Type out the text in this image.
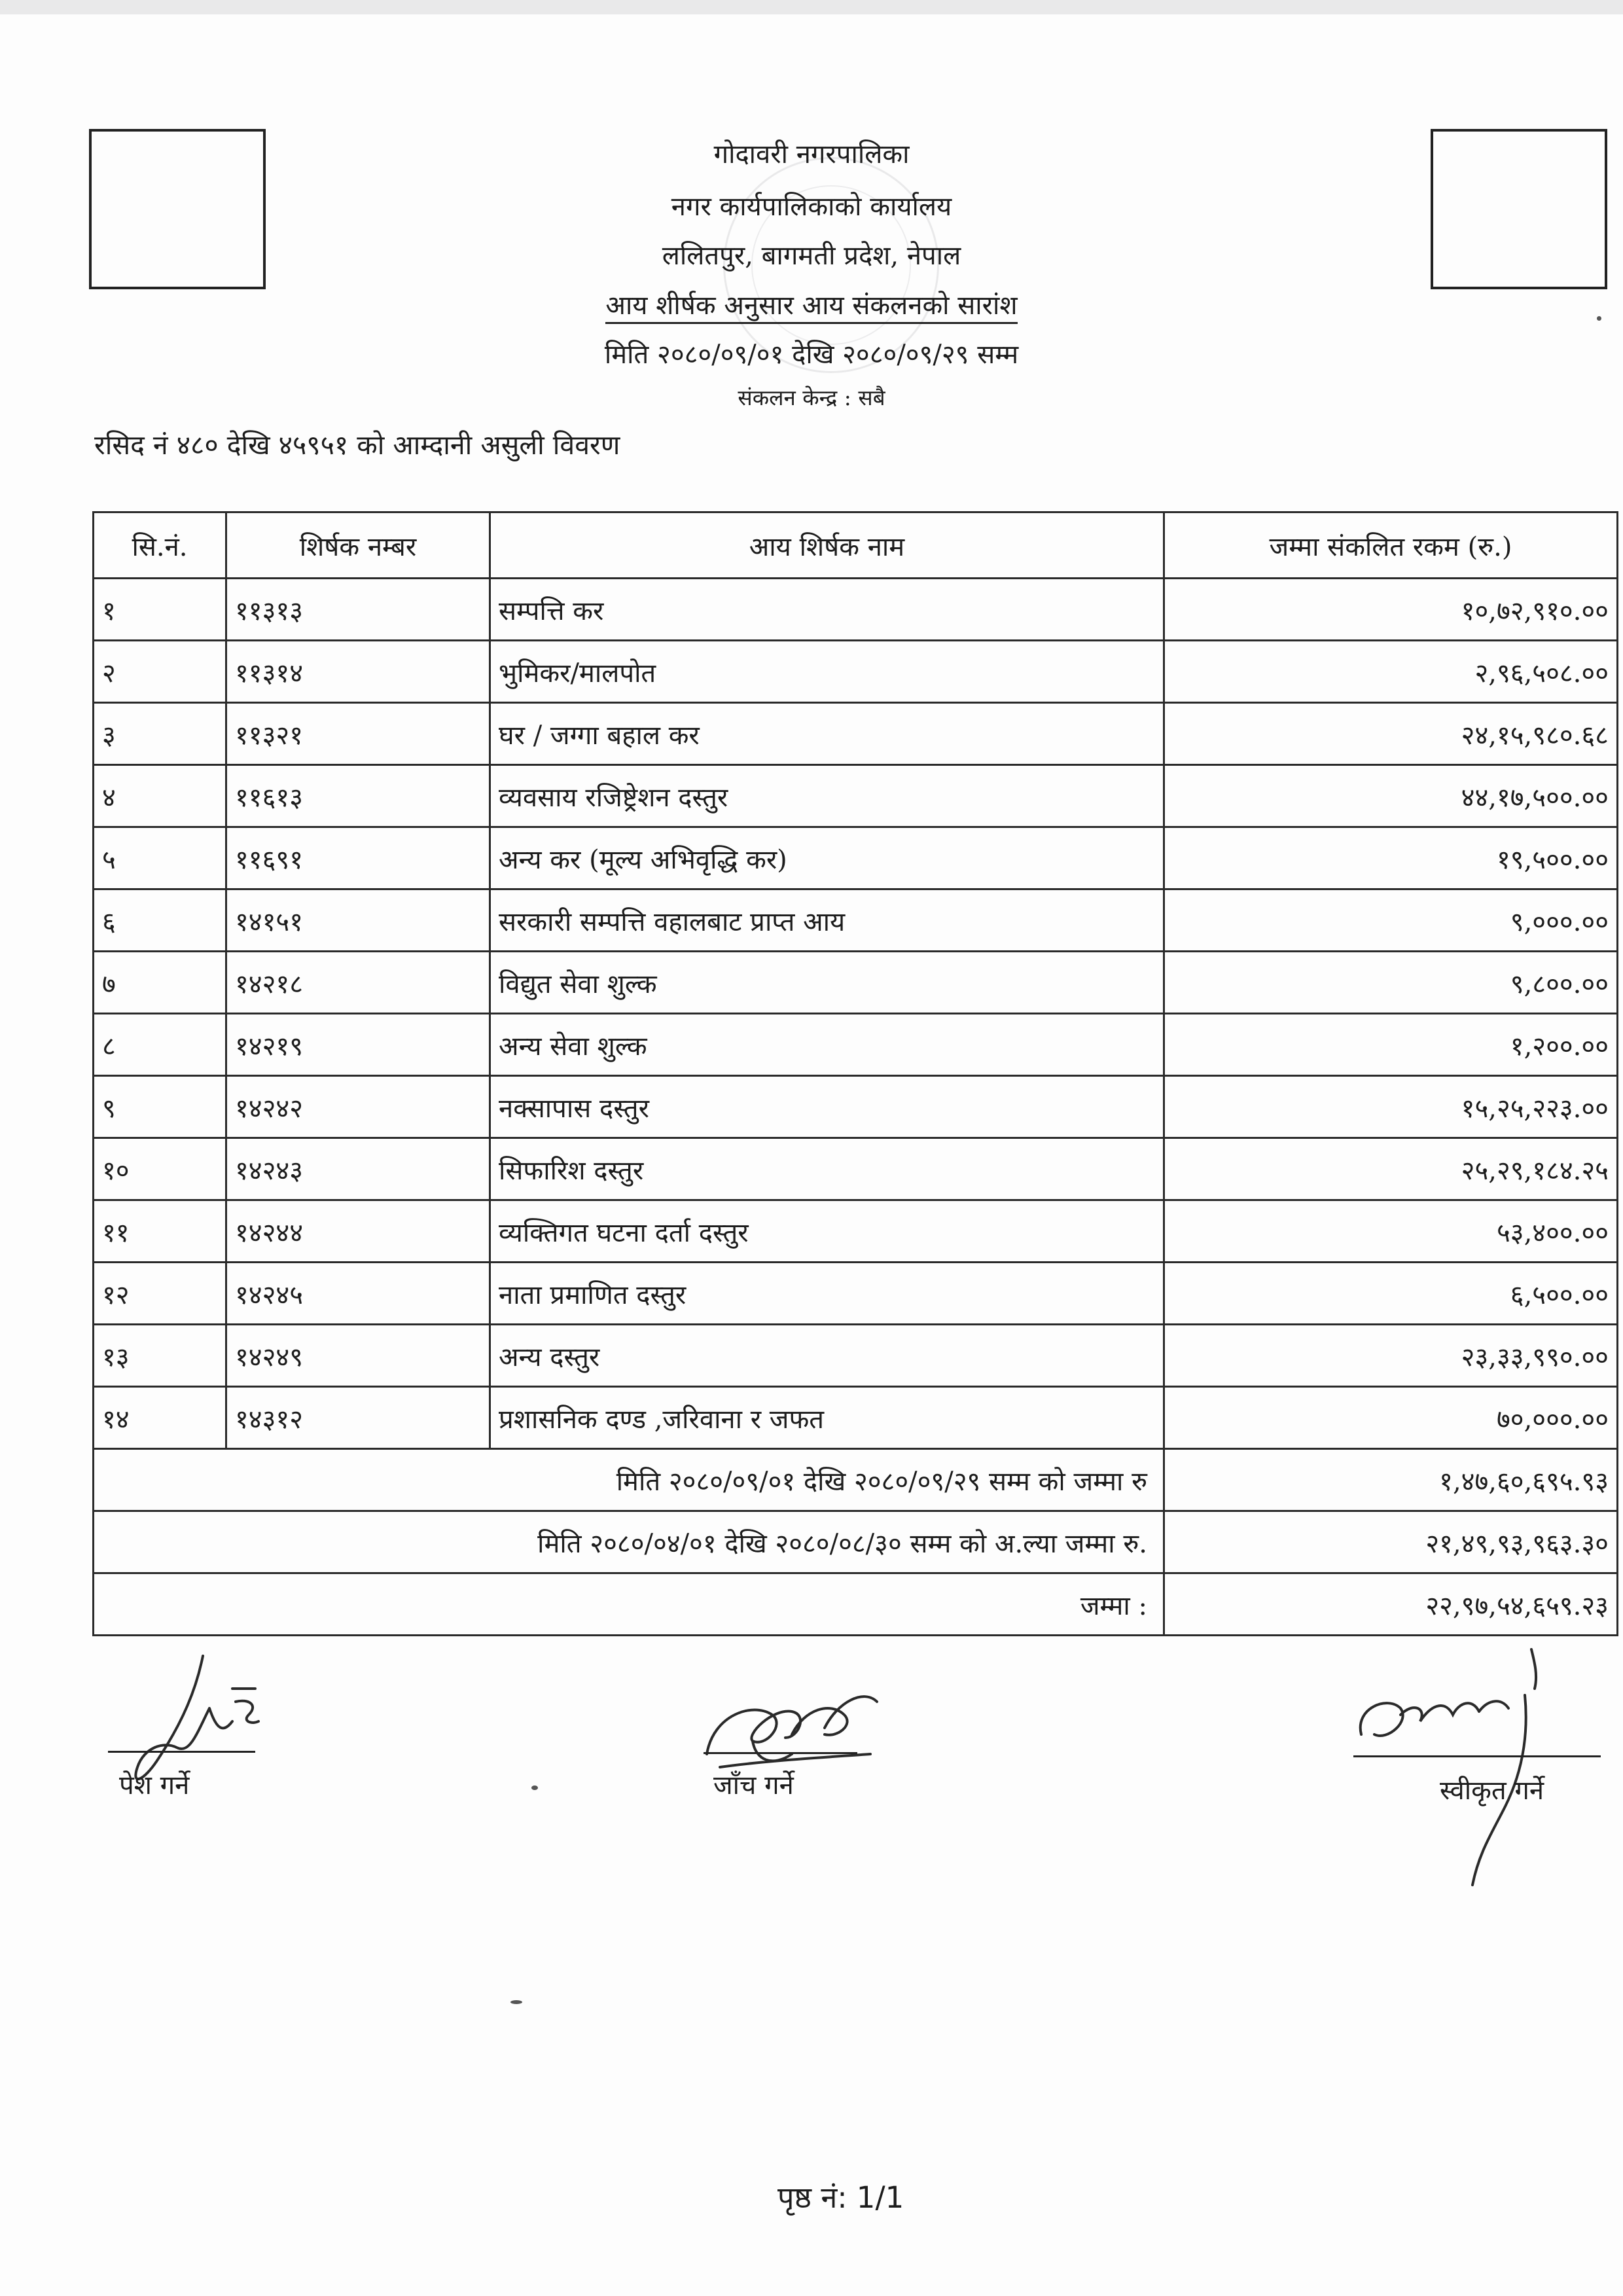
गोदावरी नगरपालिका
नगर कार्यपालिकाको कार्यालय
ललितपुर, बागमती प्रदेश, नेपाल
आय शीर्षक अनुसार आय संकलनको सारांश
मिति २०८०/०९/०१ देखि २०८०/०९/२९ सम्म
संकलन केन्द्र : सबै
रसिद नं ४८० देखि ४५९५१ को आम्दानी असुली विवरण
सि.नं.	शिर्षक नम्बर	आय शिर्षक नाम	जम्मा संकलित रकम (रु.)
१	११३१३	सम्पत्ति कर	१०,७२,९१०.००
२	११३१४	भुमिकर/मालपोत	२,९६,५०८.००
३	११३२१	घर / जग्गा बहाल कर	२४,१५,९८०.६८
४	११६१३	व्यवसाय रजिष्ट्रेशन दस्तुर	४४,१७,५००.००
५	११६९१	अन्य कर (मूल्य अभिवृद्धि कर)	१९,५००.००
६	१४१५१	सरकारी सम्पत्ति वहालबाट प्राप्त आय	९,०००.००
७	१४२१८	विद्युत सेवा शुल्क	९,८००.००
८	१४२१९	अन्य सेवा शुल्क	१,२००.००
९	१४२४२	नक्सापास दस्तुर	१५,२५,२२३.००
१०	१४२४३	सिफारिश दस्तुर	२५,२९,१८४.२५
११	१४२४४	व्यक्तिगत घटना दर्ता दस्तुर	५३,४००.००
१२	१४२४५	नाता प्रमाणित दस्तुर	६,५००.००
१३	१४२४९	अन्य दस्तुर	२३,३३,९९०.००
१४	१४३१२	प्रशासनिक दण्ड ,जरिवाना र जफत	७०,०००.००
मिति २०८०/०९/०१ देखि २०८०/०९/२९ सम्म को जम्मा रु			१,४७,६०,६९५.९३
मिति २०८०/०४/०१ देखि २०८०/०८/३० सम्म को अ.ल्या जम्मा रु.			२१,४९,९३,९६३.३०
जम्मा :			२२,९७,५४,६५९.२३
पेश गर्ने	जाँच गर्ने	स्वीकृत गर्ने
पृष्ठ नं: 1/1
